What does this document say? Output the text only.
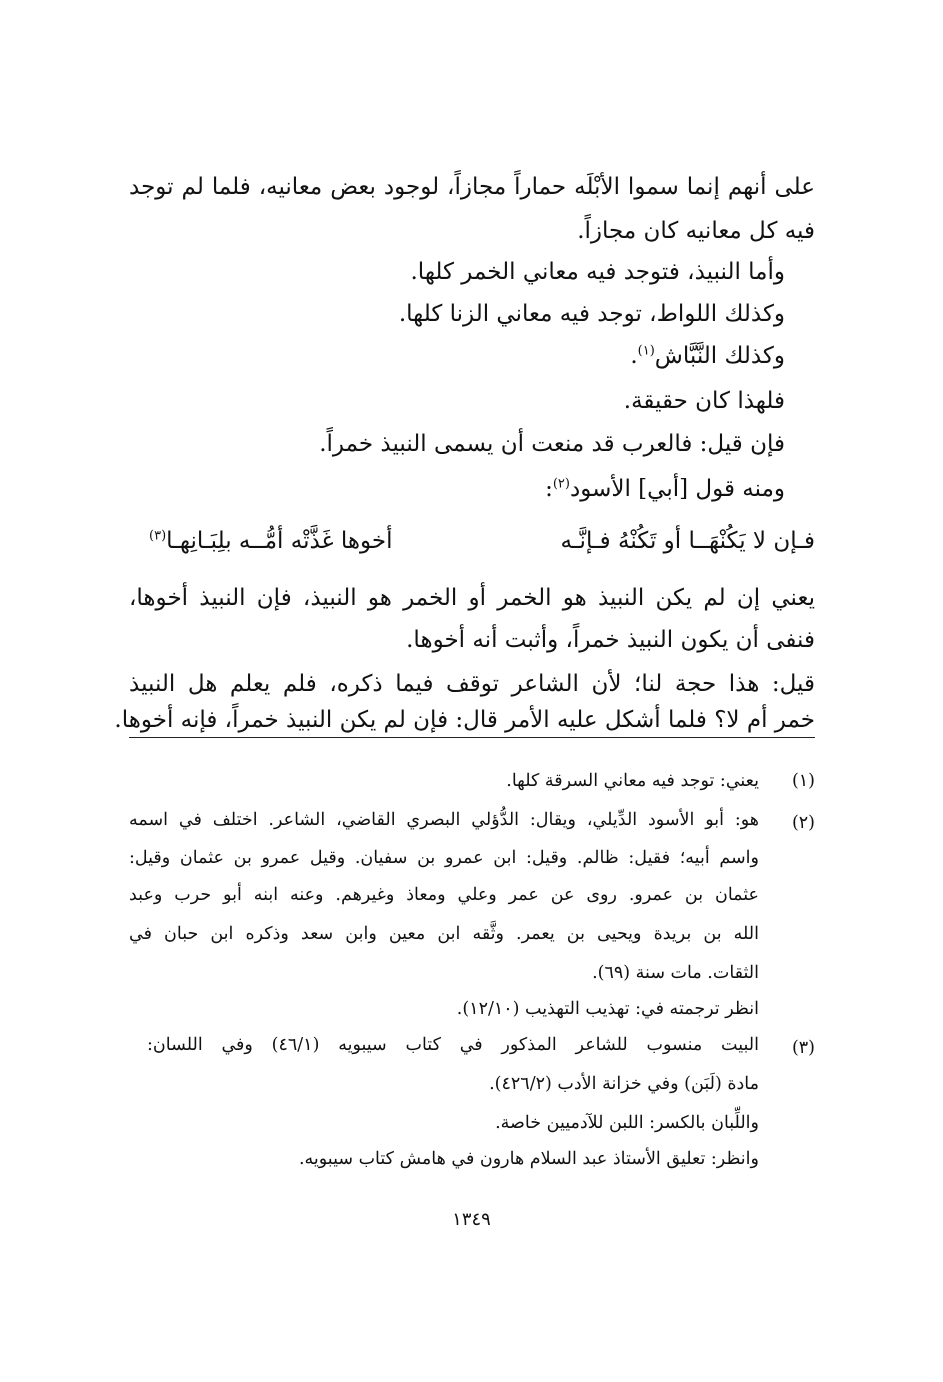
على أنهم إنما سموا الأبْلَه حماراً مجازاً، لوجود بعض معانيه، فلما لم توجد
فيه كل معانيه كان مجازاً.
وأما النبيذ، فتوجد فيه معاني الخمر كلها.
وكذلك اللواط، توجد فيه معاني الزنا كلها.
وكذلك النَّبَّاش$^{(١)}$.
فلهذا كان حقيقة.
فإن قيل: فالعرب قد منعت أن يسمى النبيذ خمراً.
ومنه قول [أبي] الأسود$^{(٢)}$:
فـإن لا يَكُنْهَــا أو تَكُنْهُ فـإنَّـه
أخوها غَذَّتْه أمُّــه بلِبَـانِهـا$^{(٣)}$
يعني إن لم يكن النبيذ هو الخمر أو الخمر هو النبيذ، فإن النبيذ أخوها،
فنفى أن يكون النبيذ خمراً، وأثبت أنه أخوها.
قيل: هذا حجة لنا؛ لأن الشاعر توقف فيما ذكره، فلم يعلم هل النبيذ
خمر أم لا؟ فلما أشكل عليه الأمر قال: فإن لم يكن النبيذ خمراً، فإنه أخوها.
(١)
يعني: توجد فيه معاني السرقة كلها.
(٢)
هو: أبو الأسود الدِّيلي، ويقال: الدُّؤلي البصري القاضي، الشاعر. اختلف في اسمه
واسم أبيه؛ فقيل: ظالم. وقيل: ابن عمرو بن سفيان. وقيل عمرو بن عثمان وقيل:
عثمان بن عمرو. روى عن عمر وعلي ومعاذ وغيرهم. وعنه ابنه أبو حرب وعبد
الله بن بريدة ويحيى بن يعمر. وثَّقه ابن معين وابن سعد وذكره ابن حبان في
الثقات. مات سنة (٦٩).
انظر ترجمته في: تهذيب التهذيب (١٢/١٠).
(٣)
البيت منسوب للشاعر المذكور في كتاب سيبويه (٤٦/١) وفي اللسان:
مادة (لَبَن) وفي خزانة الأدب (٤٢٦/٢).
واللِّبان بالكسر: اللبن للآدميين خاصة.
وانظر: تعليق الأستاذ عبد السلام هارون في هامش كتاب سيبويه.
١٣٤٩
